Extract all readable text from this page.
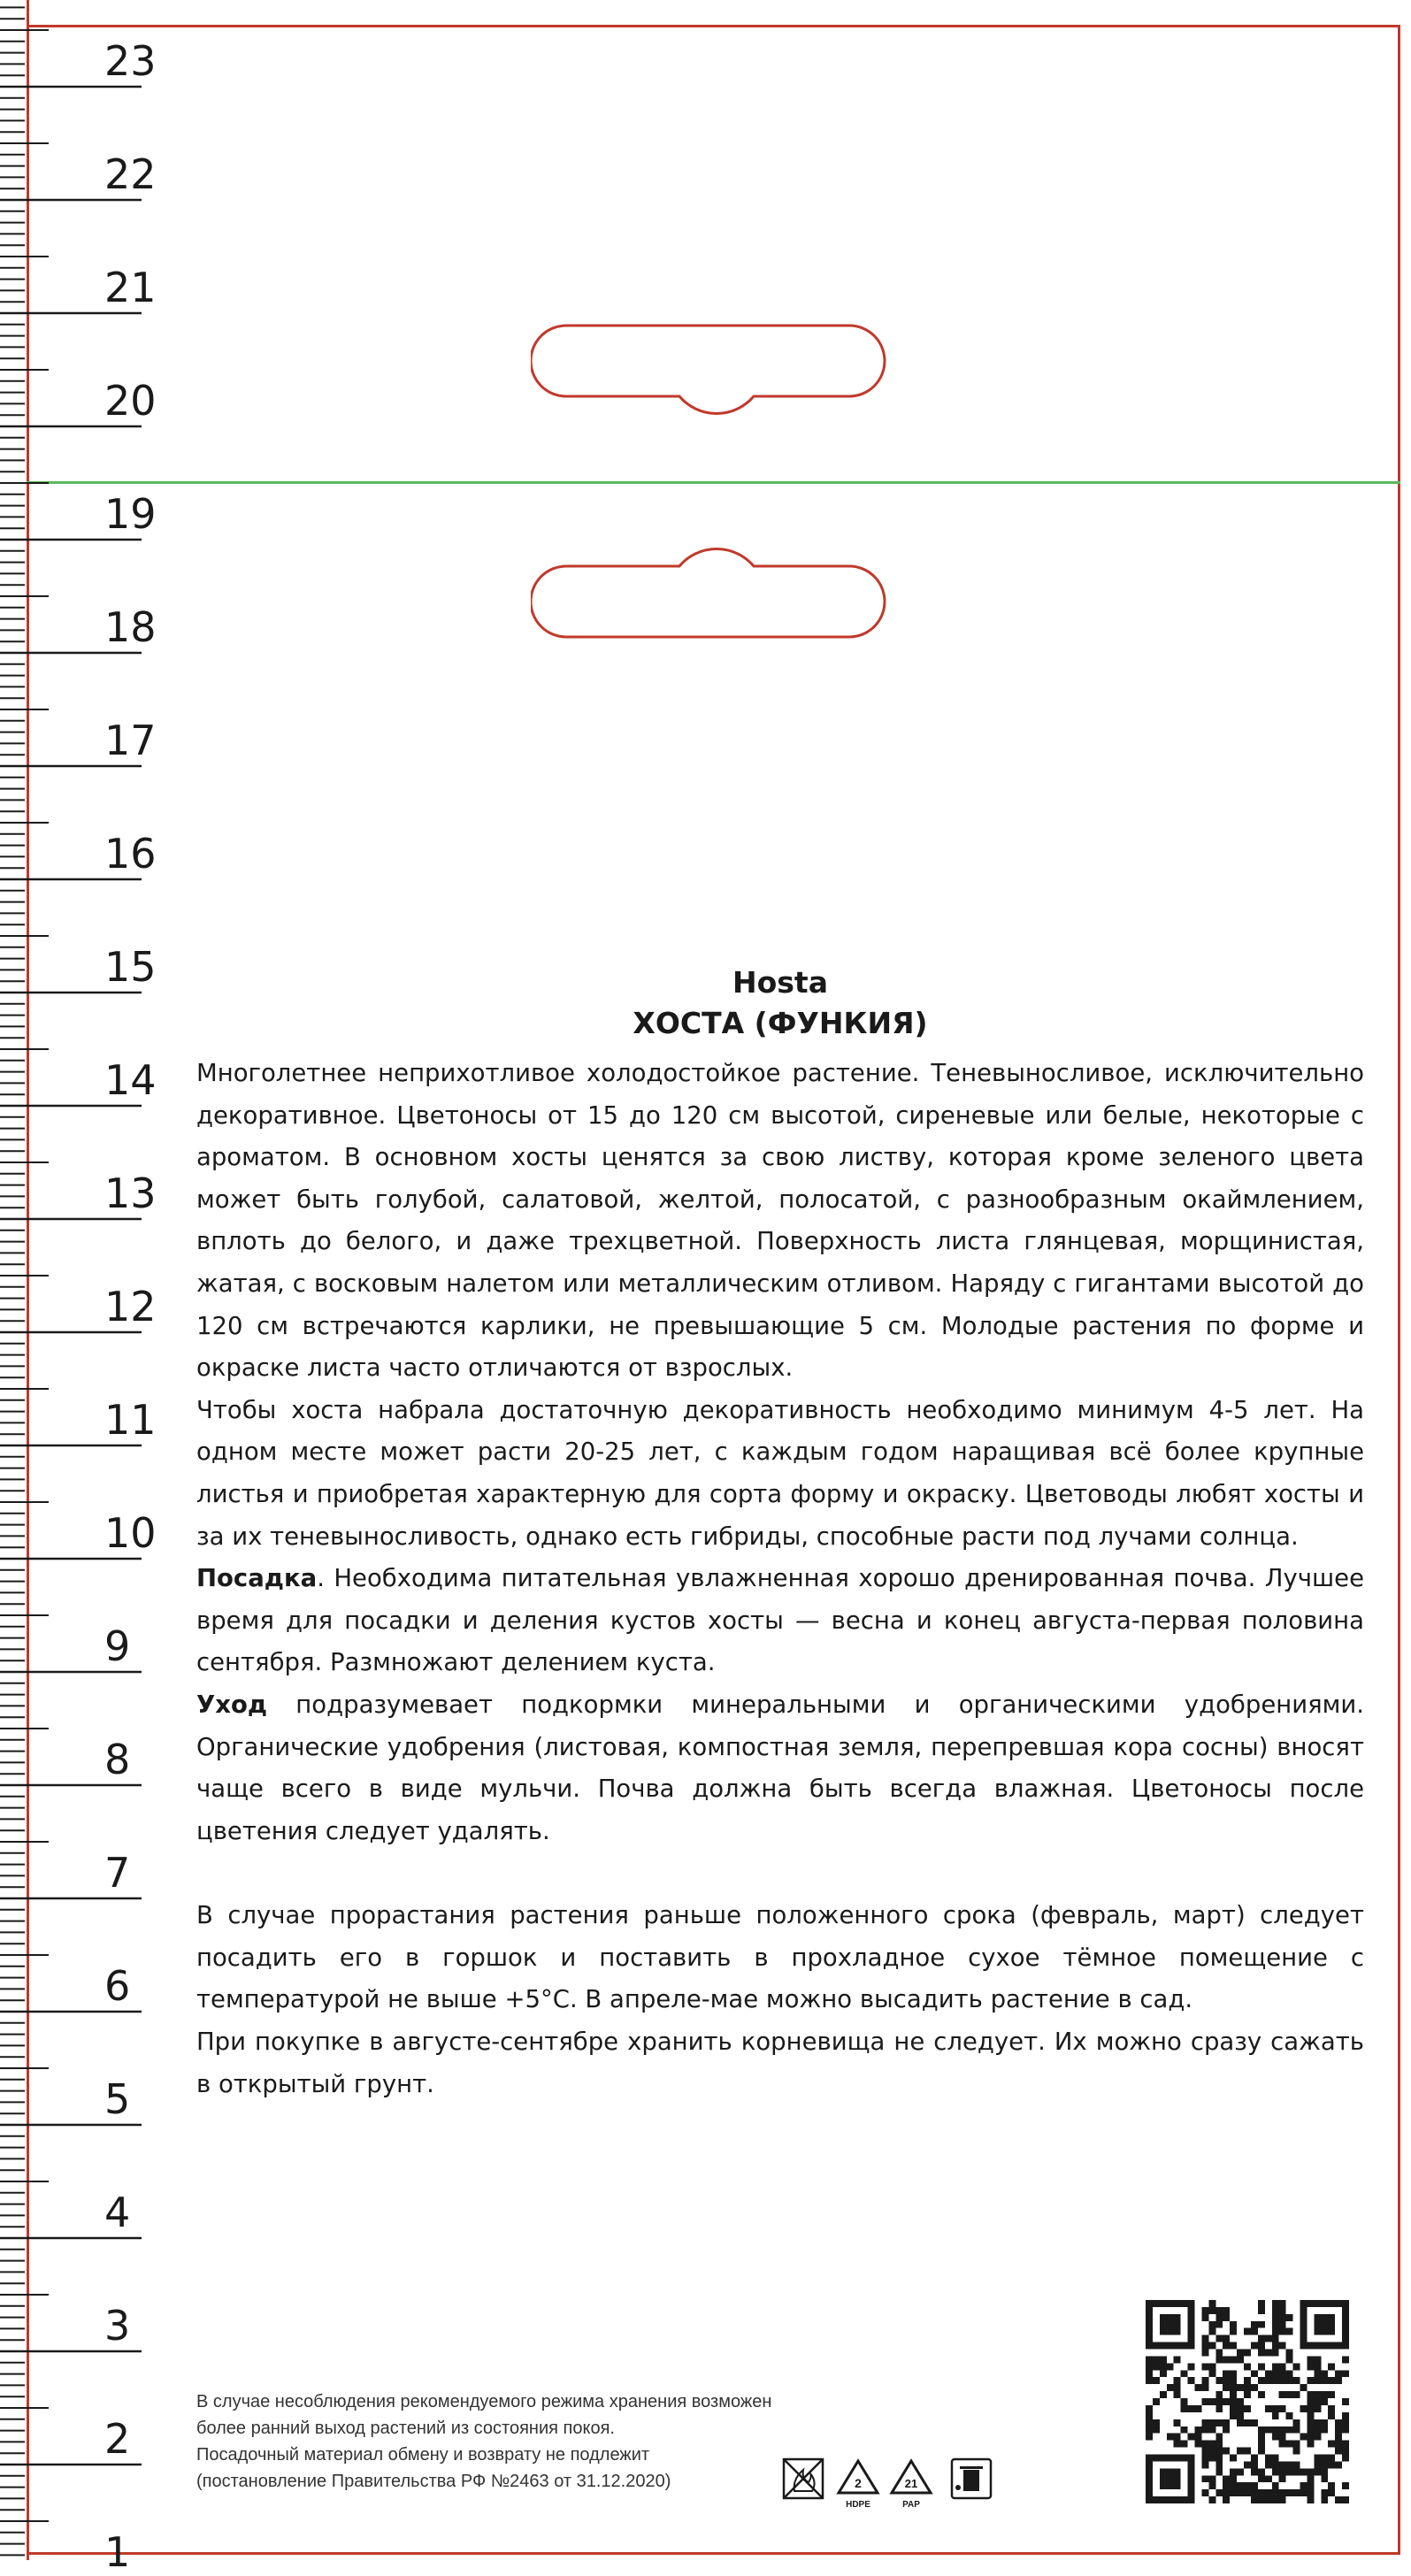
23
22
21
20
19
18
17
16
15
14
13
12
11
10
9
8
7
6
5
4
3
2
1

Hosta

ХОСТА (ФУНКИЯ)

Многолетнее неприхотливое холодостойкое растение. Теневыносливое, исключительно декоративное. Цветоносы от 15 до 120 см высотой, сиреневые или белые, некоторые с ароматом. В основном хосты ценятся за свою листву, которая кроме зеленого цвета может быть голубой, салатовой, желтой, полосатой, с разнообразным окаймлением, вплоть до белого, и даже трехцветной. Поверхность листа глянцевая, морщинистая, жатая, с восковым налетом или металлическим отливом. Наряду с гигантами высотой до 120 см встречаются карлики, не превышающие 5 см. Молодые растения по форме и окраске листа часто отличаются от взрослых.

Чтобы хоста набрала достаточную декоративность необходимо минимум 4-5 лет. На одном месте может расти 20-25 лет, с каждым годом наращивая всё более крупные листья и приобретая характерную для сорта форму и окраску. Цветоводы любят хосты и за их теневыносливость, однако есть гибриды, способные расти под лучами солнца.

Посадка. Необходима питательная увлажненная хорошо дренированная почва. Лучшее время для посадки и деления кустов хосты — весна и конец августа-первая половина сентября. Размножают делением куста.

Уход подразумевает подкормки минеральными и органическими удобрениями. Органические удобрения (листовая, компостная земля, перепревшая кора сосны) вносят чаще всего в виде мульчи. Почва должна быть всегда влажная. Цветоносы после цветения следует удалять.

В случае прорастания растения раньше положенного срока (февраль, март) следует посадить его в горшок и поставить в прохладное сухое тёмное помещение с температурой не выше +5°С. В апреле-мае можно высадить растение в сад.

При покупке в августе-сентябре хранить корневища не следует. Их можно сразу сажать в открытый грунт.

В случае несоблюдения рекомендуемого режима хранения возможен
более ранний выход растений из состояния покоя.
Посадочный материал обмену и возврату не подлежит
(постановление Правительства РФ №2463 от 31.12.2020)	2
HDPE
21
PAP
